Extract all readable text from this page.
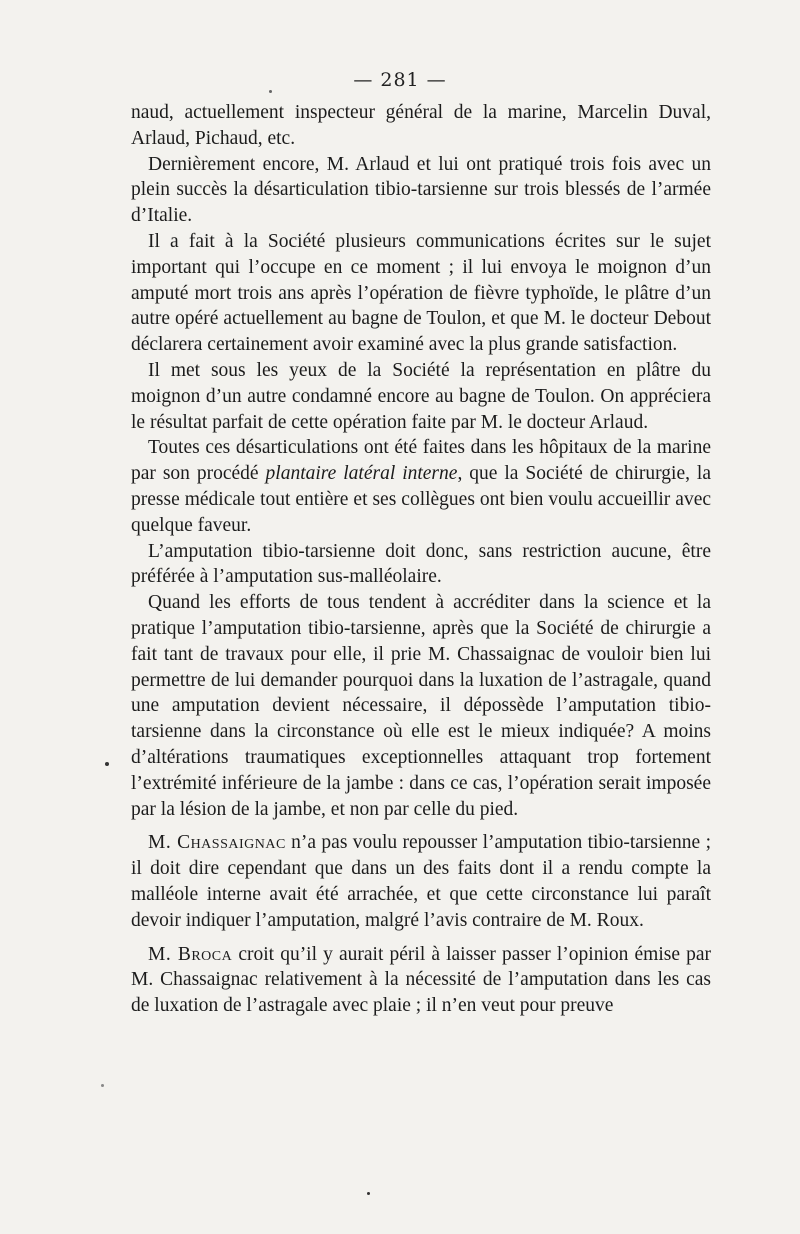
— 281 —

naud, actuellement inspecteur général de la marine, Marcelin Duval, Arlaud, Pichaud, etc.

Dernièrement encore, M. Arlaud et lui ont pratiqué trois fois avec un plein succès la désarticulation tibio-tarsienne sur trois blessés de l’armée d’Italie.

Il a fait à la Société plusieurs communications écrites sur le sujet important qui l’occupe en ce moment ; il lui envoya le moignon d’un amputé mort trois ans après l’opération de fièvre typhoïde, le plâtre d’un autre opéré actuellement au bagne de Toulon, et que M. le docteur Debout déclarera certainement avoir examiné avec la plus grande satisfaction.

Il met sous les yeux de la Société la représentation en plâtre du moignon d’un autre condamné encore au bagne de Toulon. On appréciera le résultat parfait de cette opération faite par M. le docteur Arlaud.

Toutes ces désarticulations ont été faites dans les hôpitaux de la marine par son procédé plantaire latéral interne, que la Société de chirurgie, la presse médicale tout entière et ses collègues ont bien voulu accueillir avec quelque faveur.

L’amputation tibio-tarsienne doit donc, sans restriction aucune, être préférée à l’amputation sus-malléolaire.

Quand les efforts de tous tendent à accréditer dans la science et la pratique l’amputation tibio-tarsienne, après que la Société de chirurgie a fait tant de travaux pour elle, il prie M. Chassaignac de vouloir bien lui permettre de lui demander pourquoi dans la luxation de l’astragale, quand une amputation devient nécessaire, il dépossède l’amputation tibio-tarsienne dans la circonstance où elle est le mieux indiquée? A moins d’altérations traumatiques exceptionnelles attaquant trop fortement l’extrémité inférieure de la jambe : dans ce cas, l’opération serait imposée par la lésion de la jambe, et non par celle du pied.

M. Chassaignac n’a pas voulu repousser l’amputation tibio-tarsienne ; il doit dire cependant que dans un des faits dont il a rendu compte la malléole interne avait été arrachée, et que cette circonstance lui paraît devoir indiquer l’amputation, malgré l’avis contraire de M. Roux.

M. Broca croit qu’il y aurait péril à laisser passer l’opinion émise par M. Chassaignac relativement à la nécessité de l’amputation dans les cas de luxation de l’astragale avec plaie ; il n’en veut pour preuve
